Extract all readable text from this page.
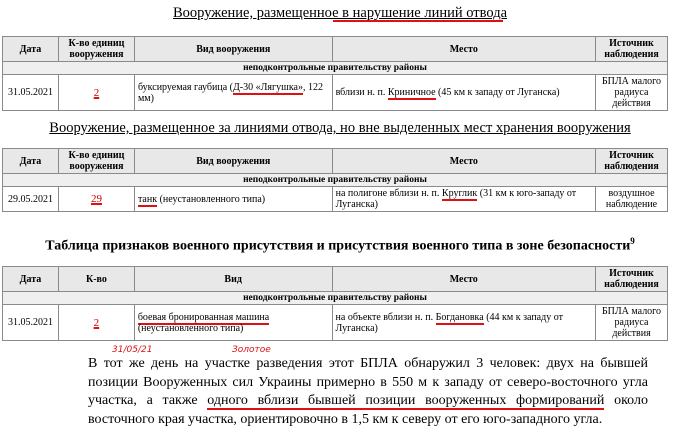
Вооружение, размещенное в нарушение линий отвода
Дата	К-во единиц вооружения	Вид вооружения	Место	Источник наблюдения
неподконтрольные правительству районы				
31.05.2021	2	буксируемая гаубица (Д-30 «Лягушка», 122 мм)	вблизи н. п. Криничное (45 км к западу от Луганска)	БПЛА малого радиуса действия
Вооружение, размещенное за линиями отвода, но вне выделенных мест хранения вооружения
Дата	К-во единиц вооружения	Вид вооружения	Место	Источник наблюдения
неподконтрольные правительству районы				
29.05.2021	29	танк (неустановленного типа)	на полигоне вблизи н. п. Круглик (31 км к юго-западу от Луганска)	воздушное наблюдение
Таблица признаков военного присутствия и присутствия военного типа в зоне безопасности$^9$
Дата	К-во	Вид	Место	Источник наблюдения
неподконтрольные правительству районы				
31.05.2021	2	боевая бронированная машина (неустановленного типа)	на объекте вблизи н. п. Богдановка (44 км к западу от Луганска)	БПЛА малого радиуса действия
31/05/21	Золотое
В тот же день на участке разведения этот БПЛА обнаружил 3 человек: двух на бывшей позиции Вооруженных сил Украины примерно в 550 м к западу от северо-восточного угла участка, а также одного вблизи бывшей позиции вооруженных формирований около восточного края участка, ориентировочно в 1,5 км к северу от его юго-западного угла.
